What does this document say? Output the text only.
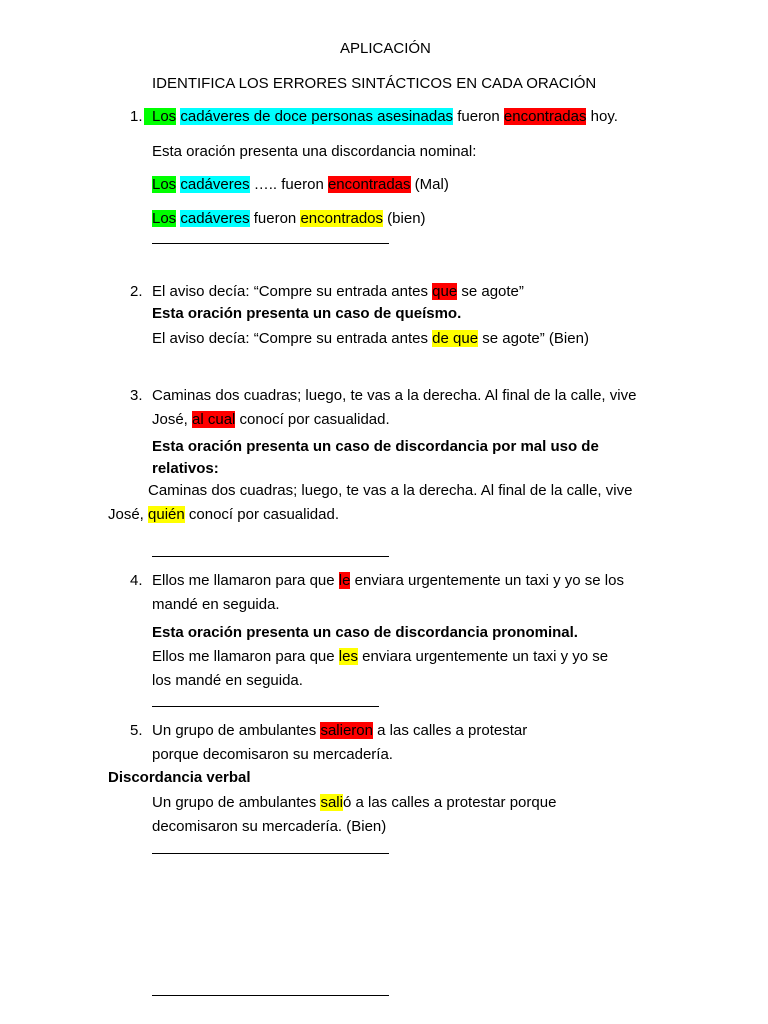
APLICACIÓN
IDENTIFICA LOS ERRORES SINTÁCTICOS EN CADA ORACIÓN
1. Los cadáveres de doce personas asesinadas fueron encontradas hoy.
Esta oración presenta una discordancia nominal:
Los cadáveres ….. fueron encontradas (Mal)
Los cadáveres fueron encontrados (bien)
2. El aviso decía: “Compre su entrada antes que se agote”
Esta oración presenta un caso de queísmo.
El aviso decía: “Compre su entrada antes de que se agote” (Bien)
3. Caminas dos cuadras; luego, te vas a la derecha. Al final de la calle, vive
José, al cual conocí por casualidad.
Esta oración presenta un caso de discordancia por mal uso de
relativos:
Caminas dos cuadras; luego, te vas a la derecha. Al final de la calle, vive
José, quién conocí por casualidad.
4. Ellos me llamaron para que le enviara urgentemente un taxi y yo se los
mandé en seguida.
Esta oración presenta un caso de discordancia pronominal.
Ellos me llamaron para que les enviara urgentemente un taxi y yo se
los mandé en seguida.
5. Un grupo de ambulantes salieron a las calles a protestar
porque decomisaron su mercadería.
Discordancia verbal
Un grupo de ambulantes salió a las calles a protestar porque
decomisaron su mercadería. (Bien)
